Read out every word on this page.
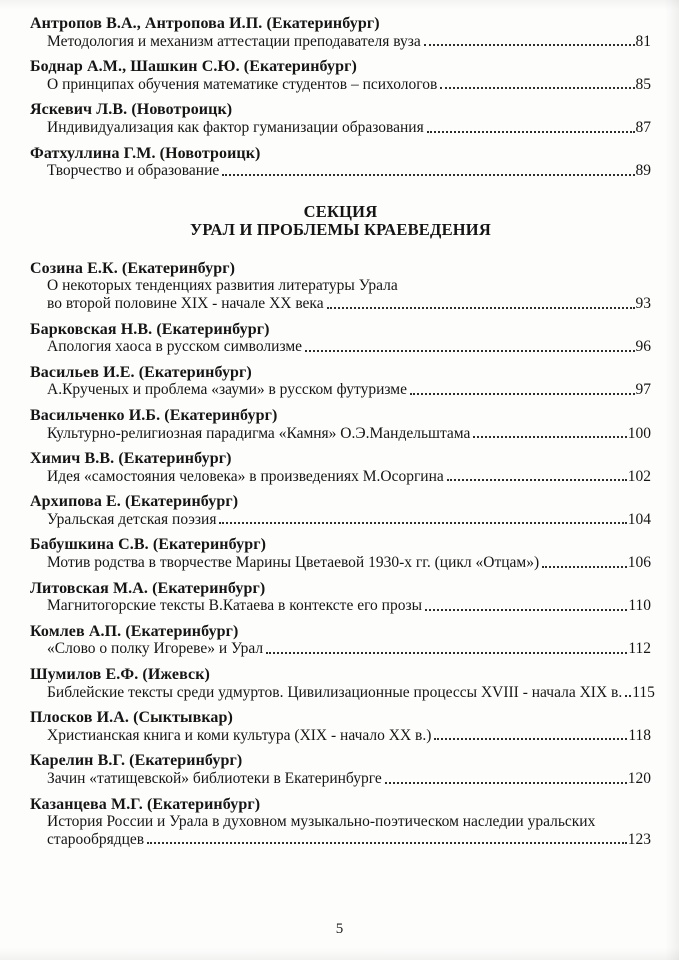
Антропов В.А., Антропова И.П. (Екатеринбург)
Методология и механизм аттестации преподавателя вуза	81
Боднар А.М., Шашкин С.Ю. (Екатеринбург)
О принципах обучения математике студентов – психологов	85
Яскевич Л.В. (Новотроицк)
Индивидуализация как фактор гуманизации образования	87
Фатхуллина Г.М. (Новотроицк)
Творчество и образование	89
СЕКЦИЯ
УРАЛ И ПРОБЛЕМЫ КРАЕВЕДЕНИЯ
Созина Е.К. (Екатеринбург)
О некоторых тенденциях развития литературы Урала
во второй половине XIX - начале XX века	93
Барковская Н.В. (Екатеринбург)
Апология хаоса в русском символизме	96
Васильев И.Е. (Екатеринбург)
А.Крученых и проблема «зауми» в русском футуризме	97
Васильченко И.Б. (Екатеринбург)
Культурно-религиозная парадигма «Камня» О.Э.Мандельштама	100
Химич В.В. (Екатеринбург)
Идея «самостояния человека» в произведениях М.Осоргина	102
Архипова Е. (Екатеринбург)
Уральская детская поэзия	104
Бабушкина С.В. (Екатеринбург)
Мотив родства в творчестве Марины Цветаевой 1930-х гг. (цикл «Отцам»)	106
Литовская М.А. (Екатеринбург)
Магнитогорские тексты В.Катаева в контексте его прозы	110
Комлев А.П. (Екатеринбург)
«Слово о полку Игореве» и Урал	112
Шумилов Е.Ф. (Ижевск)
Библейские тексты среди удмуртов. Цивилизационные процессы XVIII - начала XIX в. 115
Плосков И.А. (Сыктывкар)
Христианская книга и коми культура (XIX - начало XX в.)	118
Карелин В.Г. (Екатеринбург)
Зачин «татищевской» библиотеки в Екатеринбурге	120
Казанцева М.Г. (Екатеринбург)
История России и Урала в духовном музыкально-поэтическом наследии уральских
старообрядцев	123
5
